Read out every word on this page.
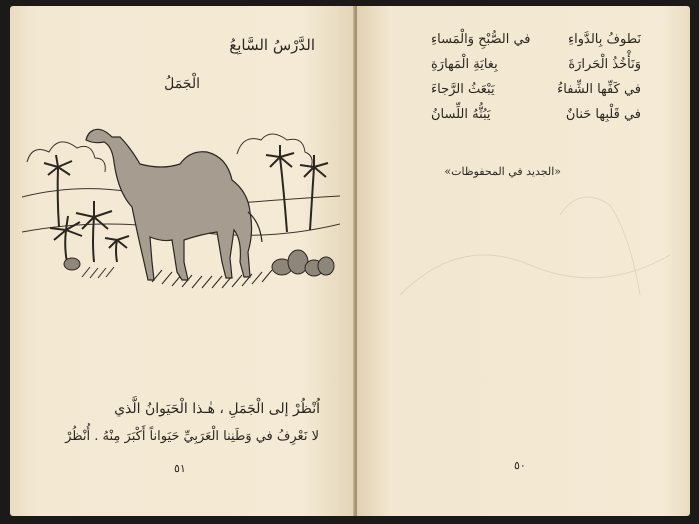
الدَّرْسُ السَّابِعُ
الْجَمَلُ
اُنْظُرْ إلى الْجَمَلِ ، هٰـذا الْحَيَوانُ الَّذي
لا نَعْرِفُ في وَطَنِنا الْعَرَبِيِّ حَيَواناً أَكْبَرَ مِنْهُ . أُنْظُرْ
نَطوفُ بِالدَّواءِ
في الصُّبْحِ وَالْمَساءِ
وَنَأْخُذُ الْحَرارَةَ
بِغايَةِ الْمَهارَةِ
في كَفِّها الشِّفاءُ
يَبْعَثُ الرَّجاءَ
في قَلْبِها حَنانٌ
يَبُثُّهُ اللِّسانُ
«الجديد في المحفوظات»
٥١	٥٠
